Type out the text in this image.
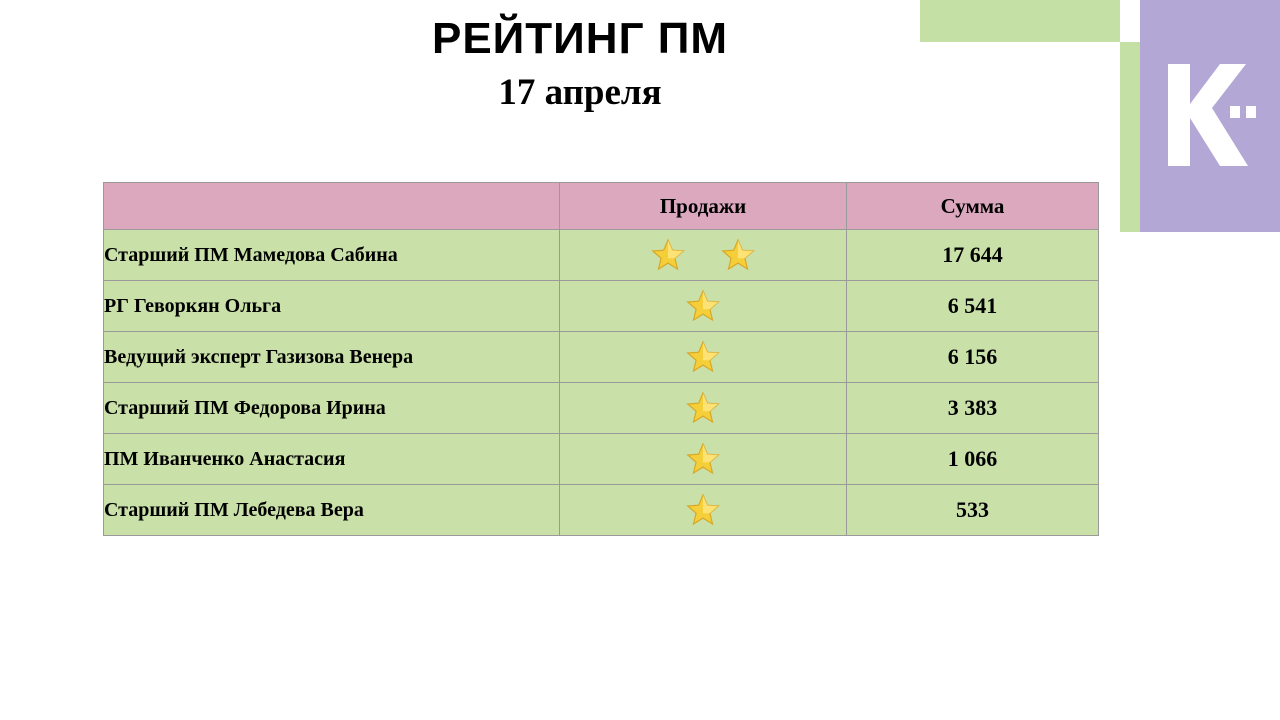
РЕЙТИНГ ПМ
17 апреля
	Продажи	Сумма
Старший ПМ Мамедова Сабина		17 644
РГ Геворкян Ольга		6 541
Ведущий эксперт Газизова Венера		6 156
Старший ПМ Федорова Ирина		3 383
ПМ Иванченко Анастасия		1 066
Старший ПМ Лебедева Вера		533
